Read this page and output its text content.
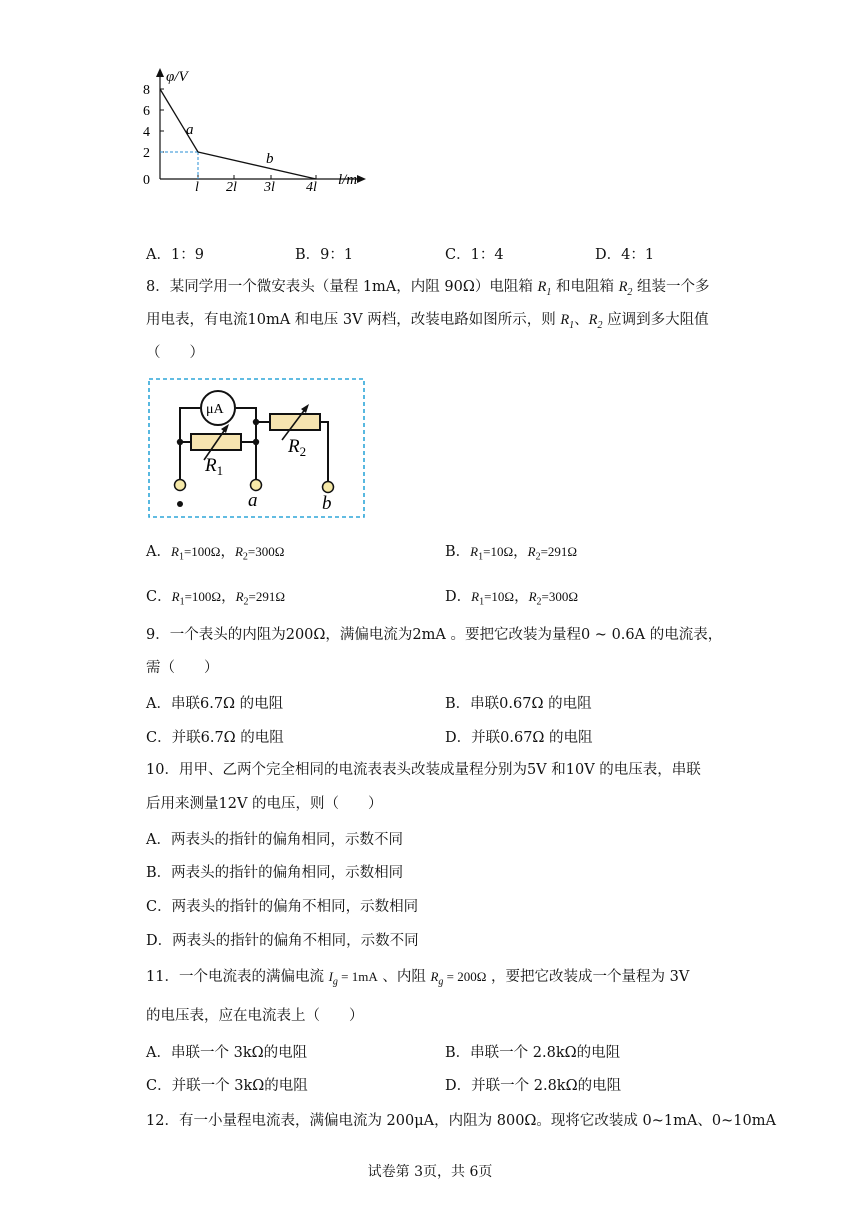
φ/V
8
6
4
2
0	l 2l 3l 4l l/m
a
b
A．1：9	B．9：1	C．1：4	D．4：1
8．某同学用一个微安表头（量程 1mA，内阻 90Ω）电阻箱 $R_1$ 和电阻箱 $R_2$ 组装一个多
用电表，有电流10mA 和电压 3V 两档，改装电路如图所示，则 $R_1$、$R_2$ 应调到多大阻值
（　　）
μA
$R_1$
$R_2$
a	b
A．$R_1=100\Omega$，$R_2=300\Omega$	B．$R_1=10\Omega$，$R_2=291\Omega$
C．$R_1=100\Omega$，$R_2=291\Omega$	D．$R_1=10\Omega$，$R_2=300\Omega$
9．一个表头的内阻为200Ω，满偏电流为2mA 。要把它改装为量程0 ~ 0.6A 的电流表，
需（　　）
A．串联6.7Ω 的电阻	B．串联0.67Ω 的电阻
C．并联6.7Ω 的电阻	D．并联0.67Ω 的电阻
10．用甲、乙两个完全相同的电流表表头改装成量程分别为5V 和10V 的电压表，串联
后用来测量12V 的电压，则（　　）
A．两表头的指针的偏角相同，示数不同
B．两表头的指针的偏角相同，示数相同
C．两表头的指针的偏角不相同，示数相同
D．两表头的指针的偏角不相同，示数不同
11．一个电流表的满偏电流 $I_g = 1mA$ 、内阻 $R_g = 200\Omega$ ，要把它改装成一个量程为 3V
的电压表，应在电流表上（　　）
A．串联一个 3kΩ的电阻	B．串联一个 2.8kΩ的电阻
C．并联一个 3kΩ的电阻	D．并联一个 2.8kΩ的电阻
12．有一小量程电流表，满偏电流为 200μA，内阻为 800Ω。现将它改装成 0~1mA、0~10mA
试卷第 3页，共 6页
